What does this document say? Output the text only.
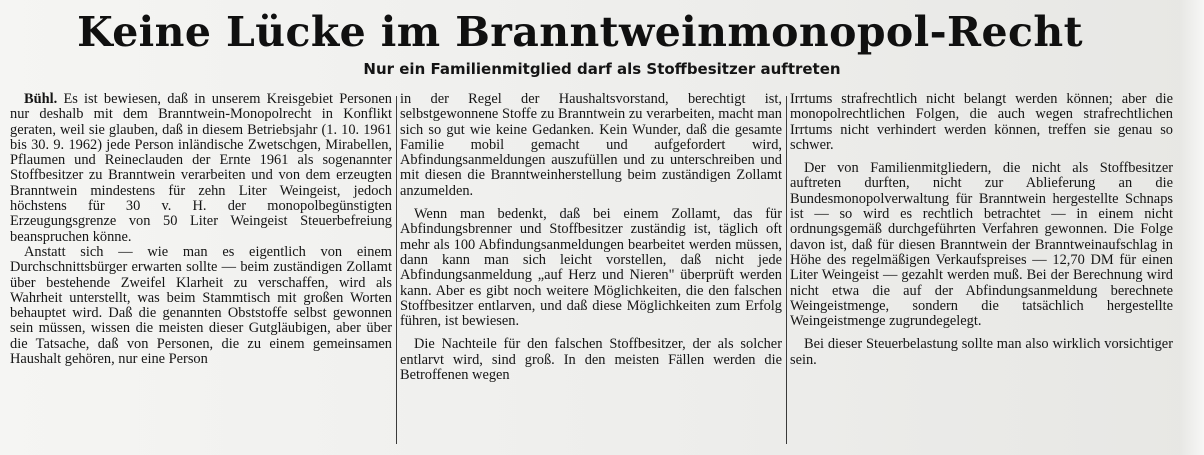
Keine Lücke im Branntweinmonopol-Recht
Nur ein Familienmitglied darf als Stoffbesitzer auftreten

Bühl. Es ist bewiesen, daß in unserem Kreisgebiet Personen nur deshalb mit dem Branntwein-Monopolrecht in Konflikt geraten, weil sie glauben, daß in diesem Betriebsjahr (1. 10. 1961 bis 30. 9. 1962) jede Person inländische Zwetschgen, Mirabellen, Pflaumen und Reineclauden der Ernte 1961 als sogenannter Stoffbesitzer zu Branntwein verarbeiten und von dem erzeugten Branntwein mindestens für zehn Liter Weingeist, jedoch höchstens für 30 v. H. der monopolbegünstigten Erzeugungsgrenze von 50 Liter Weingeist Steuerbefreiung beanspruchen könne.

Anstatt sich — wie man es eigentlich von einem Durchschnittsbürger erwarten sollte — beim zuständigen Zollamt über bestehende Zweifel Klarheit zu verschaffen, wird als Wahrheit unterstellt, was beim Stammtisch mit großen Worten behauptet wird. Daß die genannten Obststoffe selbst gewonnen sein müssen, wissen die meisten dieser Gutgläubigen, aber über die Tatsache, daß von Personen, die zu einem gemeinsamen Haushalt gehören, nur eine Person

in der Regel der Haushaltsvorstand, berechtigt ist, selbstgewonnene Stoffe zu Branntwein zu verarbeiten, macht man sich so gut wie keine Gedanken. Kein Wunder, daß die gesamte Familie mobil gemacht und aufgefordert wird, Abfindungsanmeldungen auszufüllen und zu unterschreiben und mit diesen die Branntweinherstellung beim zuständigen Zollamt anzumelden.

Wenn man bedenkt, daß bei einem Zollamt, das für Abfindungsbrenner und Stoffbesitzer zuständig ist, täglich oft mehr als 100 Abfindungsanmeldungen bearbeitet werden müssen, dann kann man sich leicht vorstellen, daß nicht jede Abfindungsanmeldung „auf Herz und Nieren" überprüft werden kann. Aber es gibt noch weitere Möglichkeiten, die den falschen Stoffbesitzer entlarven, und daß diese Möglichkeiten zum Erfolg führen, ist bewiesen.

Die Nachteile für den falschen Stoffbesitzer, der als solcher entlarvt wird, sind groß. In den meisten Fällen werden die Betroffenen wegen

Irrtums strafrechtlich nicht belangt werden können; aber die monopolrechtlichen Folgen, die auch wegen strafrechtlichen Irrtums nicht verhindert werden können, treffen sie genau so schwer.

Der von Familienmitgliedern, die nicht als Stoffbesitzer auftreten durften, nicht zur Ablieferung an die Bundesmonopolverwaltung für Branntwein hergestellte Schnaps ist — so wird es rechtlich betrachtet — in einem nicht ordnungsgemäß durchgeführten Verfahren gewonnen. Die Folge davon ist, daß für diesen Branntwein der Branntweinaufschlag in Höhe des regelmäßigen Verkaufspreises — 12,70 DM für einen Liter Weingeist — gezahlt werden muß. Bei der Berechnung wird nicht etwa die auf der Abfindungsanmeldung berechnete Weingeistmenge, sondern die tatsächlich hergestellte Weingeistmenge zugrundegelegt.

Bei dieser Steuerbelastung sollte man also wirklich vorsichtiger sein.
